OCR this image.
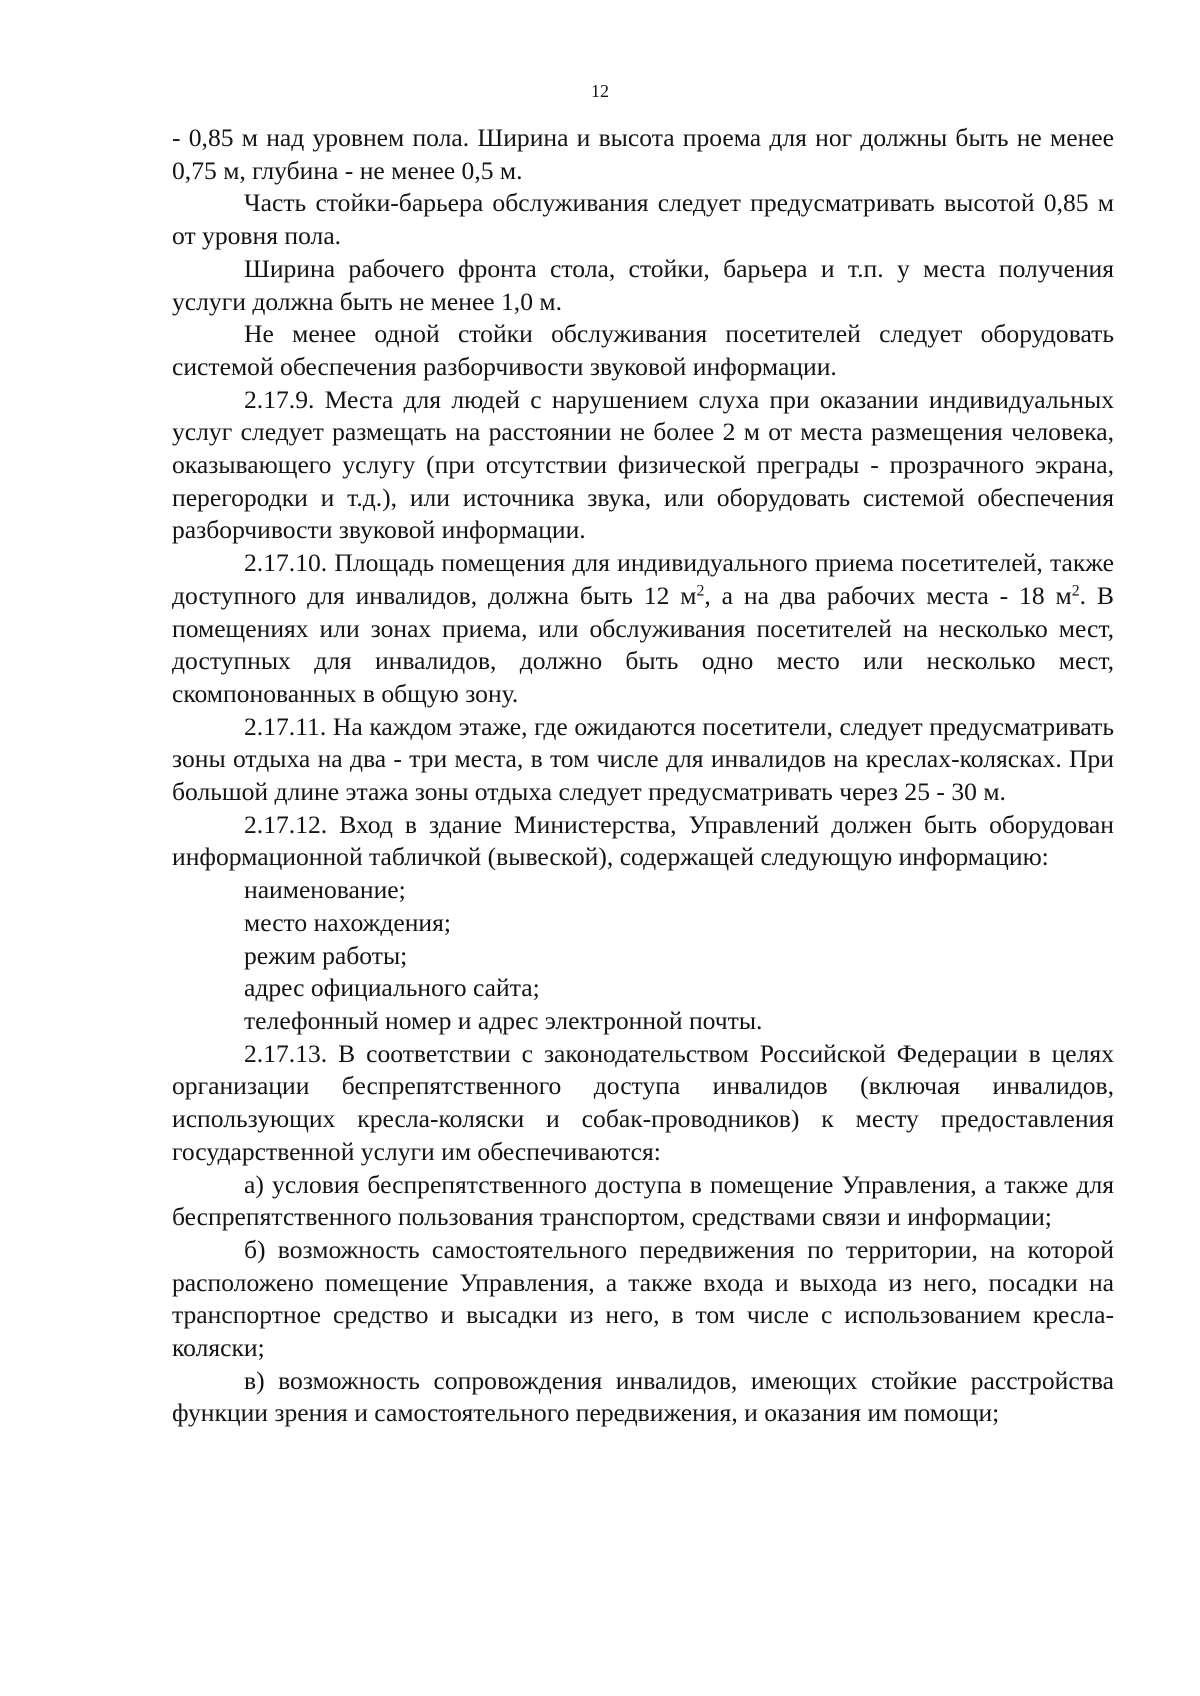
12

- 0,85 м над уровнем пола. Ширина и высота проема для ног должны быть не менее 0,75 м, глубина - не менее 0,5 м.

Часть стойки-барьера обслуживания следует предусматривать высотой 0,85 м от уровня пола.

Ширина рабочего фронта стола, стойки, барьера и т.п. у места получения услуги должна быть не менее 1,0 м.

Не менее одной стойки обслуживания посетителей следует оборудовать системой обеспечения разборчивости звуковой информации.

2.17.9. Места для людей с нарушением слуха при оказании индивидуальных услуг следует размещать на расстоянии не более 2 м от места размещения человека, оказывающего услугу (при отсутствии физической преграды - прозрачного экрана, перегородки и т.д.), или источника звука, или оборудовать системой обеспечения разборчивости звуковой информации.

2.17.10. Площадь помещения для индивидуального приема посетителей, также доступного для инвалидов, должна быть 12 $м^2$, а на два рабочих места - 18 $м^2$. В помещениях или зонах приема, или обслуживания посетителей на несколько мест, доступных для инвалидов, должно быть одно место или несколько мест, скомпонованных в общую зону.

2.17.11. На каждом этаже, где ожидаются посетители, следует предусматривать зоны отдыха на два - три места, в том числе для инвалидов на креслах-колясках. При большой длине этажа зоны отдыха следует предусматривать через 25 - 30 м.

2.17.12. Вход в здание Министерства, Управлений должен быть оборудован информационной табличкой (вывеской), содержащей следующую информацию:

наименование;

место нахождения;

режим работы;

адрес официального сайта;

телефонный номер и адрес электронной почты.

2.17.13. В соответствии с законодательством Российской Федерации в целях организации беспрепятственного доступа инвалидов (включая инвалидов, использующих кресла-коляски и собак-проводников) к месту предоставления государственной услуги им обеспечиваются:

а) условия беспрепятственного доступа в помещение Управления, а также для беспрепятственного пользования транспортом, средствами связи и информации;

б) возможность самостоятельного передвижения по территории, на которой расположено помещение Управления, а также входа и выхода из него, посадки на транспортное средство и высадки из него, в том числе с использованием кресла-коляски;

в) возможность сопровождения инвалидов, имеющих стойкие расстройства функции зрения и самостоятельного передвижения, и оказания им помощи;
